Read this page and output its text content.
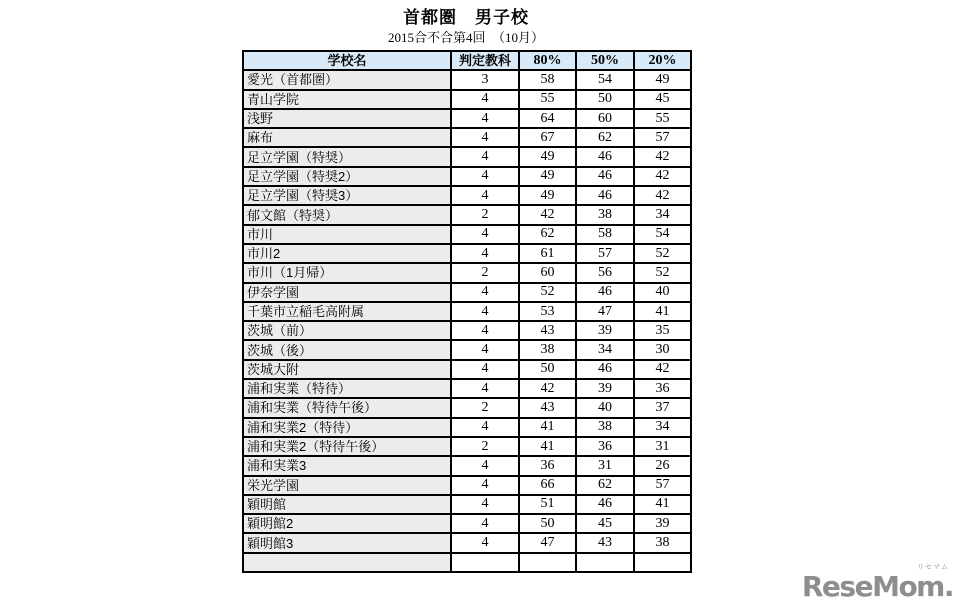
首都圏　男子校
2015合不合第4回　（10月）
学校名	判定教科	80%	50%	20%
愛光（首都圏）	3	58	54	49
青山学院	4	55	50	45
浅野	4	64	60	55
麻布	4	67	62	57
足立学園（特奨）	4	49	46	42
足立学園（特奨2）	4	49	46	42
足立学園（特奨3）	4	49	46	42
郁文館（特奨）	2	42	38	34
市川	4	62	58	54
市川2	4	61	57	52
市川（1月帰）	2	60	56	52
伊奈学園	4	52	46	40
千葉市立稲毛高附属	4	53	47	41
茨城（前）	4	43	39	35
茨城（後）	4	38	34	30
茨城大附	4	50	46	42
浦和実業（特待）	4	42	39	36
浦和実業（特待午後）	2	43	40	37
浦和実業2（特待）	4	41	38	34
浦和実業2（特待午後）	2	41	36	31
浦和実業3	4	36	31	26
栄光学園	4	66	62	57
穎明館	4	51	46	41
穎明館2	4	50	45	39
穎明館3	4	47	43	38

リセマム
ReseMom.
